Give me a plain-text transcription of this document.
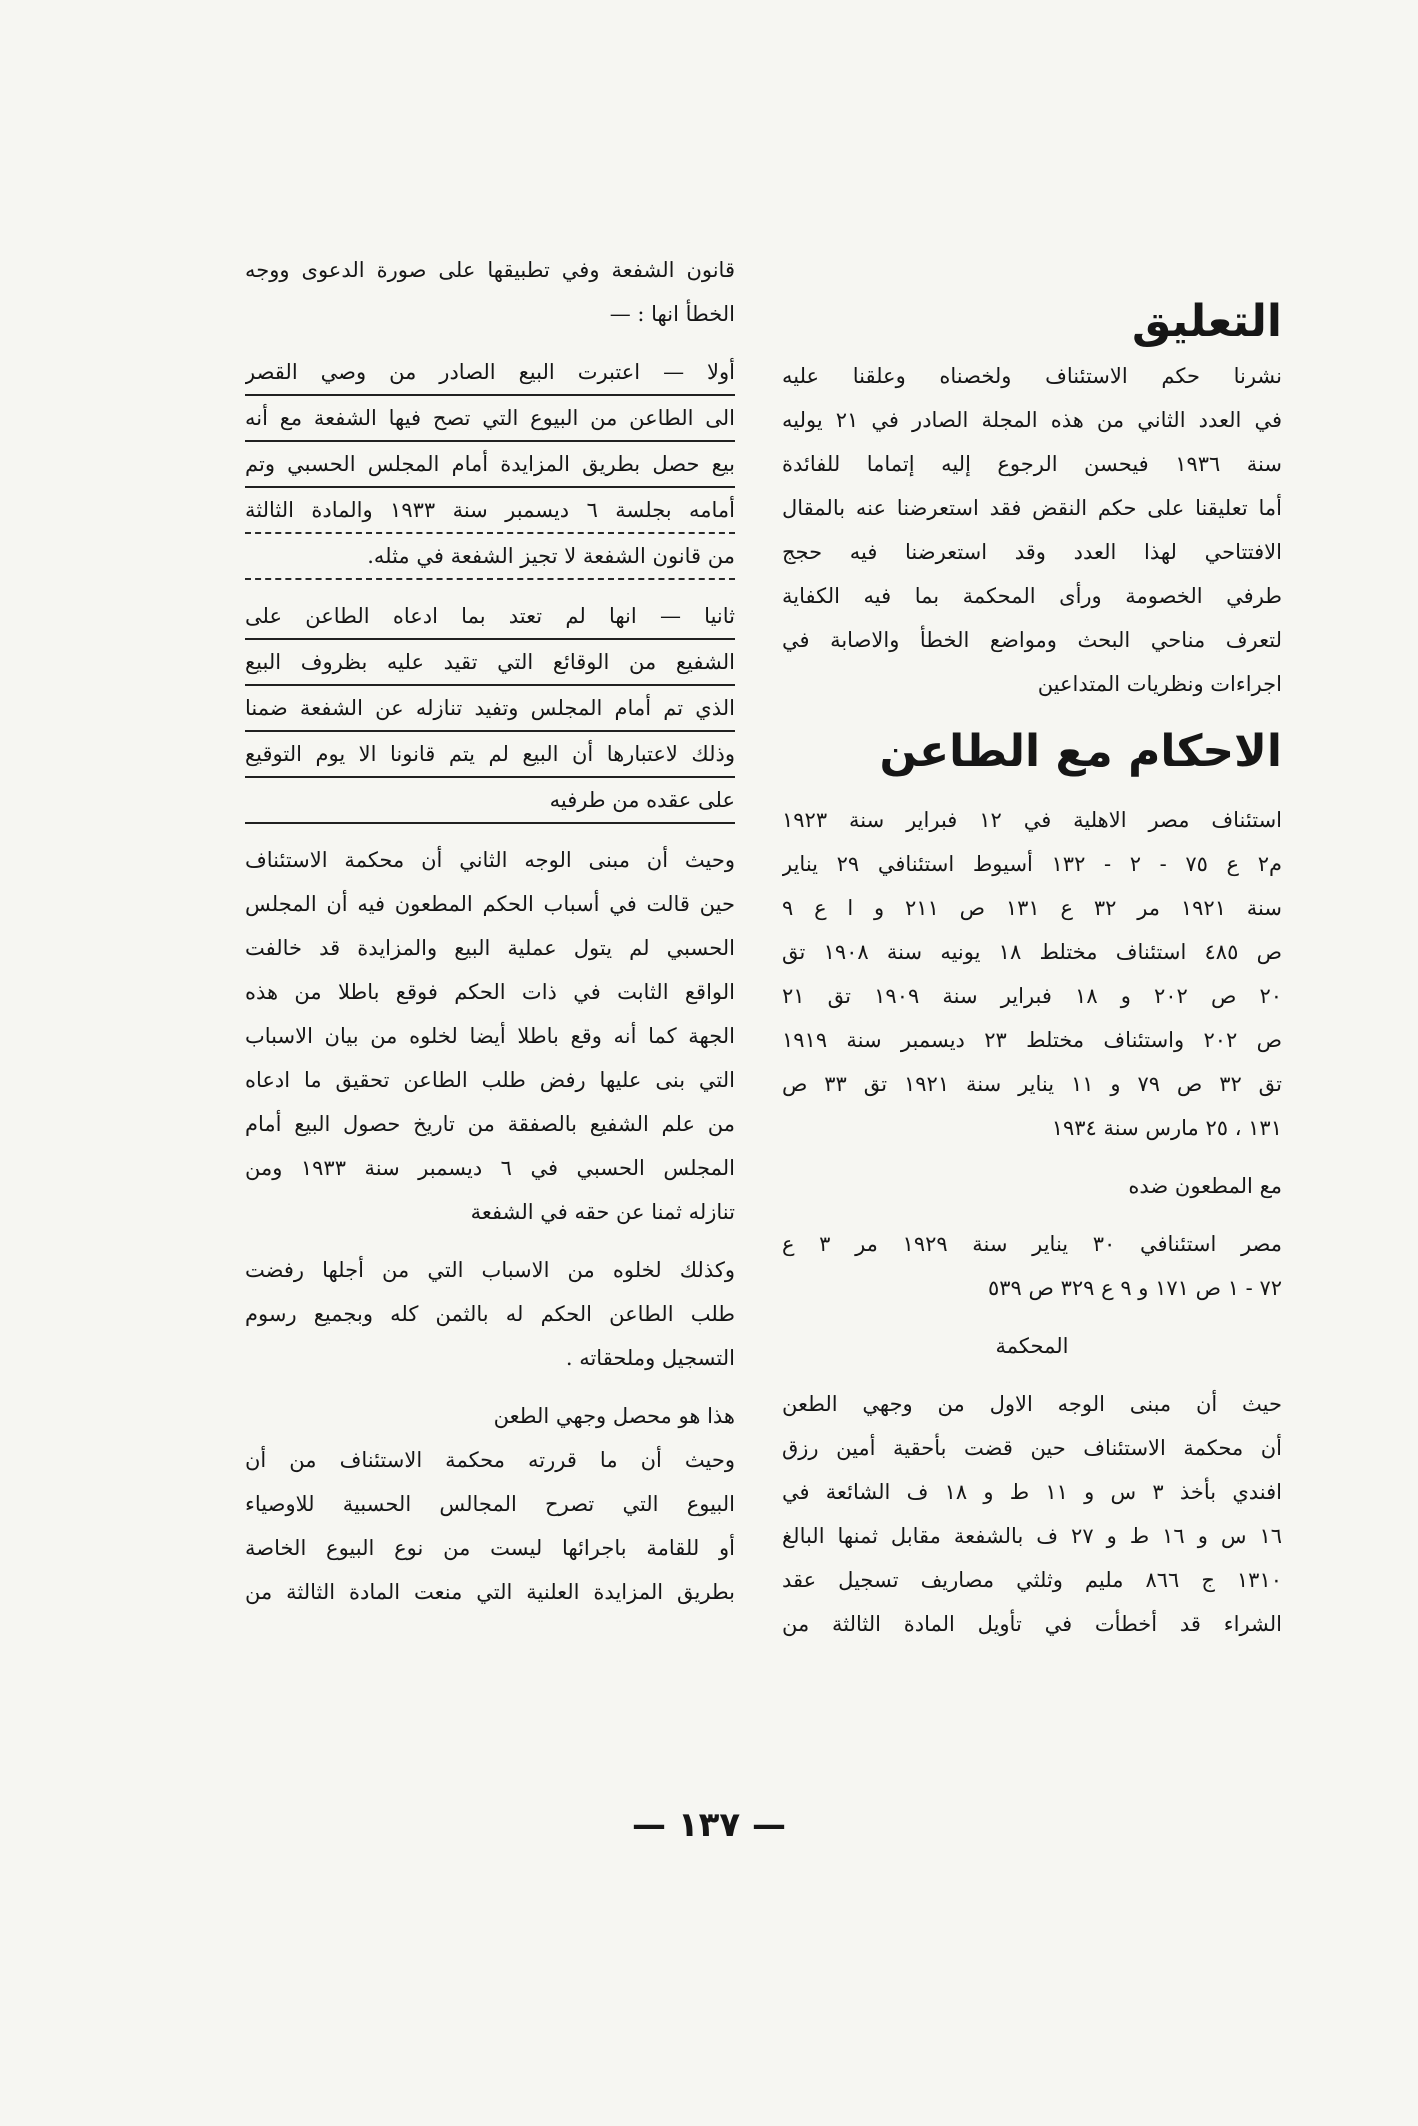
التعليق
نشرنا حكم الاستئناف ولخصناه وعلقنا عليه
في العدد الثاني من هذه المجلة الصادر في ٢١ يوليه
سنة ١٩٣٦ فيحسن الرجوع إليه إتماما للفائدة
أما تعليقنا على حكم النقض فقد استعرضنا عنه بالمقال
الافتتاحي لهذا العدد وقد استعرضنا فيه حجج
طرفي الخصومة ورأى المحكمة بما فيه الكفاية
لتعرف مناحي البحث ومواضع الخطأ والاصابة في
اجراءات ونظريات المتداعين
الاحكام مع الطاعن
استئناف مصر الاهلية في ١٢ فبراير سنة ١٩٢٣
م٢ ع ٧٥ - ٢ - ١٣٢ أسيوط استئنافي ٢٩ يناير
سنة ١٩٢١ مر ٣٢ ع ١٣١ ص ٢١١ و ا ع ٩
ص ٤٨٥ استئناف مختلط ١٨ يونيه سنة ١٩٠٨ تق
٢٠ ص ٢٠٢ و ١٨ فبراير سنة ١٩٠٩ تق ٢١
ص ٢٠٢ واستئناف مختلط ٢٣ ديسمبر سنة ١٩١٩
تق ٣٢ ص ٧٩ و ١١ يناير سنة ١٩٢١ تق ٣٣ ص
١٣١ ، ٢٥ مارس سنة ١٩٣٤
مع المطعون ضده
مصر استئنافي ٣٠ يناير سنة ١٩٢٩ مر ٣ ع
٧٢ - ١ ص ١٧١ و ٩ ع ٣٢٩ ص ٥٣٩
المحكمة
حيث أن مبنى الوجه الاول من وجهي الطعن
أن محكمة الاستئناف حين قضت بأحقية أمين رزق
افندي بأخذ ٣ س و ١١ ط و ١٨ ف الشائعة في
١٦ س و ١٦ ط و ٢٧ ف بالشفعة مقابل ثمنها البالغ
١٣١٠ ج ٨٦٦ مليم وثلثي مصاريف تسجيل عقد
الشراء قد أخطأت في تأويل المادة الثالثة من
قانون الشفعة وفي تطبيقها على صورة الدعوى ووجه
الخطأ انها : —
أولا — اعتبرت البيع الصادر من وصي القصر
الى الطاعن من البيوع التي تصح فيها الشفعة مع أنه
بيع حصل بطريق المزايدة أمام المجلس الحسبي وتم
أمامه بجلسة ٦ ديسمبر سنة ١٩٣٣ والمادة الثالثة
من قانون الشفعة لا تجيز الشفعة في مثله.
ثانيا — انها لم تعتد بما ادعاه الطاعن على
الشفيع من الوقائع التي تقيد عليه بظروف البيع
الذي تم أمام المجلس وتفيد تنازله عن الشفعة ضمنا
وذلك لاعتبارها أن البيع لم يتم قانونا الا يوم التوقيع
على عقده من طرفيه
وحيث أن مبنى الوجه الثاني أن محكمة الاستئناف
حين قالت في أسباب الحكم المطعون فيه أن المجلس
الحسبي لم يتول عملية البيع والمزايدة قد خالفت
الواقع الثابت في ذات الحكم فوقع باطلا من هذه
الجهة كما أنه وقع باطلا أيضا لخلوه من بيان الاسباب
التي بنى عليها رفض طلب الطاعن تحقيق ما ادعاه
من علم الشفيع بالصفقة من تاريخ حصول البيع أمام
المجلس الحسبي في ٦ ديسمبر سنة ١٩٣٣ ومن
تنازله ثمنا عن حقه في الشفعة
وكذلك لخلوه من الاسباب التي من أجلها رفضت
طلب الطاعن الحكم له بالثمن كله وبجميع رسوم
التسجيل وملحقاته .
هذا هو محصل وجهي الطعن
وحيث أن ما قررته محكمة الاستئناف من أن
البيوع التي تصرح المجالس الحسبية للاوصياء
أو للقامة باجرائها ليست من نوع البيوع الخاصة
بطريق المزايدة العلنية التي منعت المادة الثالثة من
— ١٣٧ —
